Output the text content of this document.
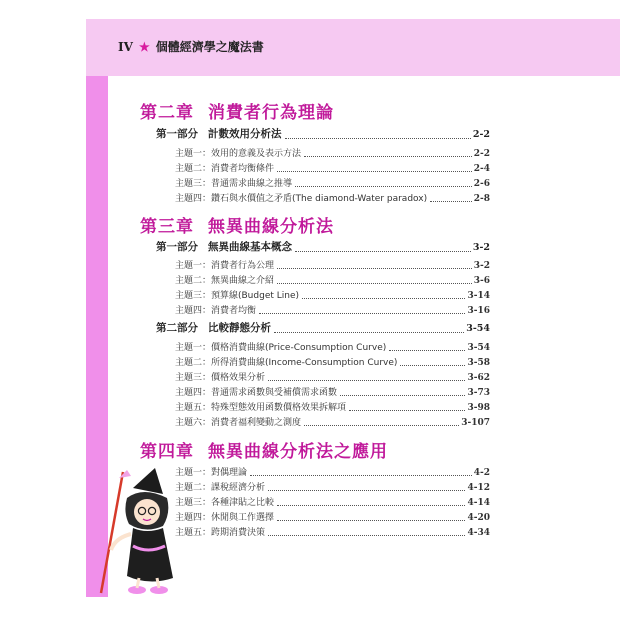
IV ★ 個體經濟學之魔法書
第二章 消費者行為理論
第一部分 計數效用分析法	2-2
主題一：效用的意義及表示方法	2-2
主題二：消費者均衡條件	2-4
主題三：普通需求曲線之推導	2-6
主題四：鑽石與水價值之矛盾(The diamond-Water paradox)	2-8
第三章 無異曲線分析法
第一部分 無異曲線基本概念	3-2
主題一：消費者行為公理	3-2
主題二：無異曲線之介紹	3-6
主題三：預算線(Budget Line)	3-14
主題四：消費者均衡	3-16
第二部分 比較靜態分析	3-54
主題一：價格消費曲線(Price-Consumption Curve)	3-54
主題二：所得消費曲線(Income-Consumption Curve)	3-58
主題三：價格效果分析	3-62
主題四：普通需求函數與受補償需求函數	3-73
主題五：特殊型態效用函數價格效果拆解項	3-98
主題六：消費者福利變動之測度	3-107
第四章 無異曲線分析法之應用
主題一：對偶理論	4-2
主題二：課稅經濟分析	4-12
主題三：各種津貼之比較	4-14
主題四：休閒與工作選擇	4-20
主題五：跨期消費決策	4-34
